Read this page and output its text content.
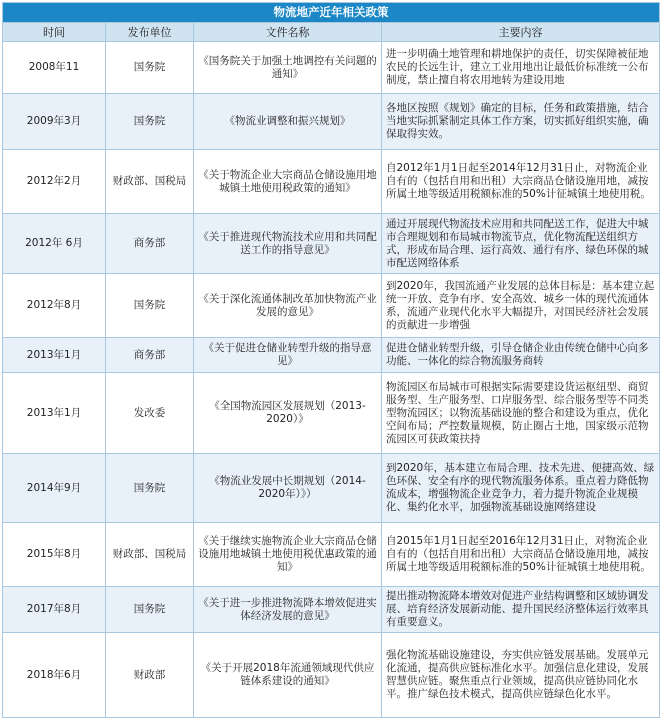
物流地产近年相关政策			
时间	发布单位	文件名称	主要内容
2008年11	国务院	《国务院关于加强土地调控有关问题的通知》	进一步明确土地管理和耕地保护的责任，切实保障被征地农民的长远生计，建立工业用地出让最低价标准统一公布制度，禁止擅自将农用地转为建设用地
2009年3月	国务院	《物流业调整和振兴规划》	各地区按照《规划》确定的目标，任务和政策措施，结合当地实际抓紧制定具体工作方案，切实抓好组织实施，确保取得实效。
2012年2月	财政部、国税局	《关于物流企业大宗商品仓储设施用地城镇土地使用税政策的通知》	自2012年1月1日起至2014年12月31日止，对物流企业自有的（包括自用和出租）大宗商品仓储设施用地，减按所属土地等级适用税额标准的50%计征城镇土地使用税。
2012年 6月	商务部	《关于推进现代物流技术应用和共同配送工作的指导意见》	通过开展现代物流技术应用和共同配送工作，促进大中城市合理规划和布局城市物流节点，优化物流配送组织方式，形成布局合理、运行高效、通行有序、绿色环保的城市配送网络体系
2012年8月	国务院	《关于深化流通体制改革加快物流产业发展的意见》	到2020年，我国流通产业发展的总体目标是：基本建立起统一开放、竞争有序、安全高效、城乡一体的现代流通体系，流通产业现代化水平大幅提升，对国民经济社会发展的贡献进一步增强
2013年1月	商务部	《关于促进仓储业转型升级的指导意见》	促进仓储业转型升级，引导仓储企业由传统仓储中心向多功能、一体化的综合物流服务商转
2013年1月	发改委	《全国物流园区发展规划（2013-2020）》	物流园区布局城市可根据实际需要建设货运枢纽型、商贸服务型、生产服务型、口岸服务型、综合服务型等不同类型物流园区；以物流基础设施的整合和建设为重点，优化空间布局；严控数量规模，防止圈占土地，国家级示范物流园区可获政策扶持
2014年9月	国务院	《物流业发展中长期规划（2014-2020年）》）	到2020年，基本建立布局合理、技术先进、便捷高效、绿色环保、安全有序的现代物流服务体系。重点着力降低物流成本，增强物流企业竞争力，着力提升物流企业规模化、集约化水平，加强物流基础设施网络建设
2015年8月	财政部、国税局	《关于继续实施物流企业大宗商品仓储设施用地城镇土地使用税优惠政策的通知》	自2015年1月1日起至2016年12月31日止，对物流企业自有的（包括自用和出租）大宗商品仓储设施用地，减按所属土地等级适用税额标准的50%计征城镇土地使用税。
2017年8月	国务院	《关于进一步推进物流降本增效促进实体经济发展的意见》	提出推动物流降本增效对促进产业结构调整和区域协调发展、培育经济发展新动能、提升国民经济整体运行效率具有重要意义。
2018年6月	财政部	《关于开展2018年流通领域现代供应链体系建设的通知》	强化物流基础设施建设，夯实供应链发展基础。发展单元化流通，提高供应链标准化水平。加强信息化建设，发展智慧供应链。聚焦重点行业领域，提高供应链协同化水平。推广绿色技术模式，提高供应链绿色化水平。
